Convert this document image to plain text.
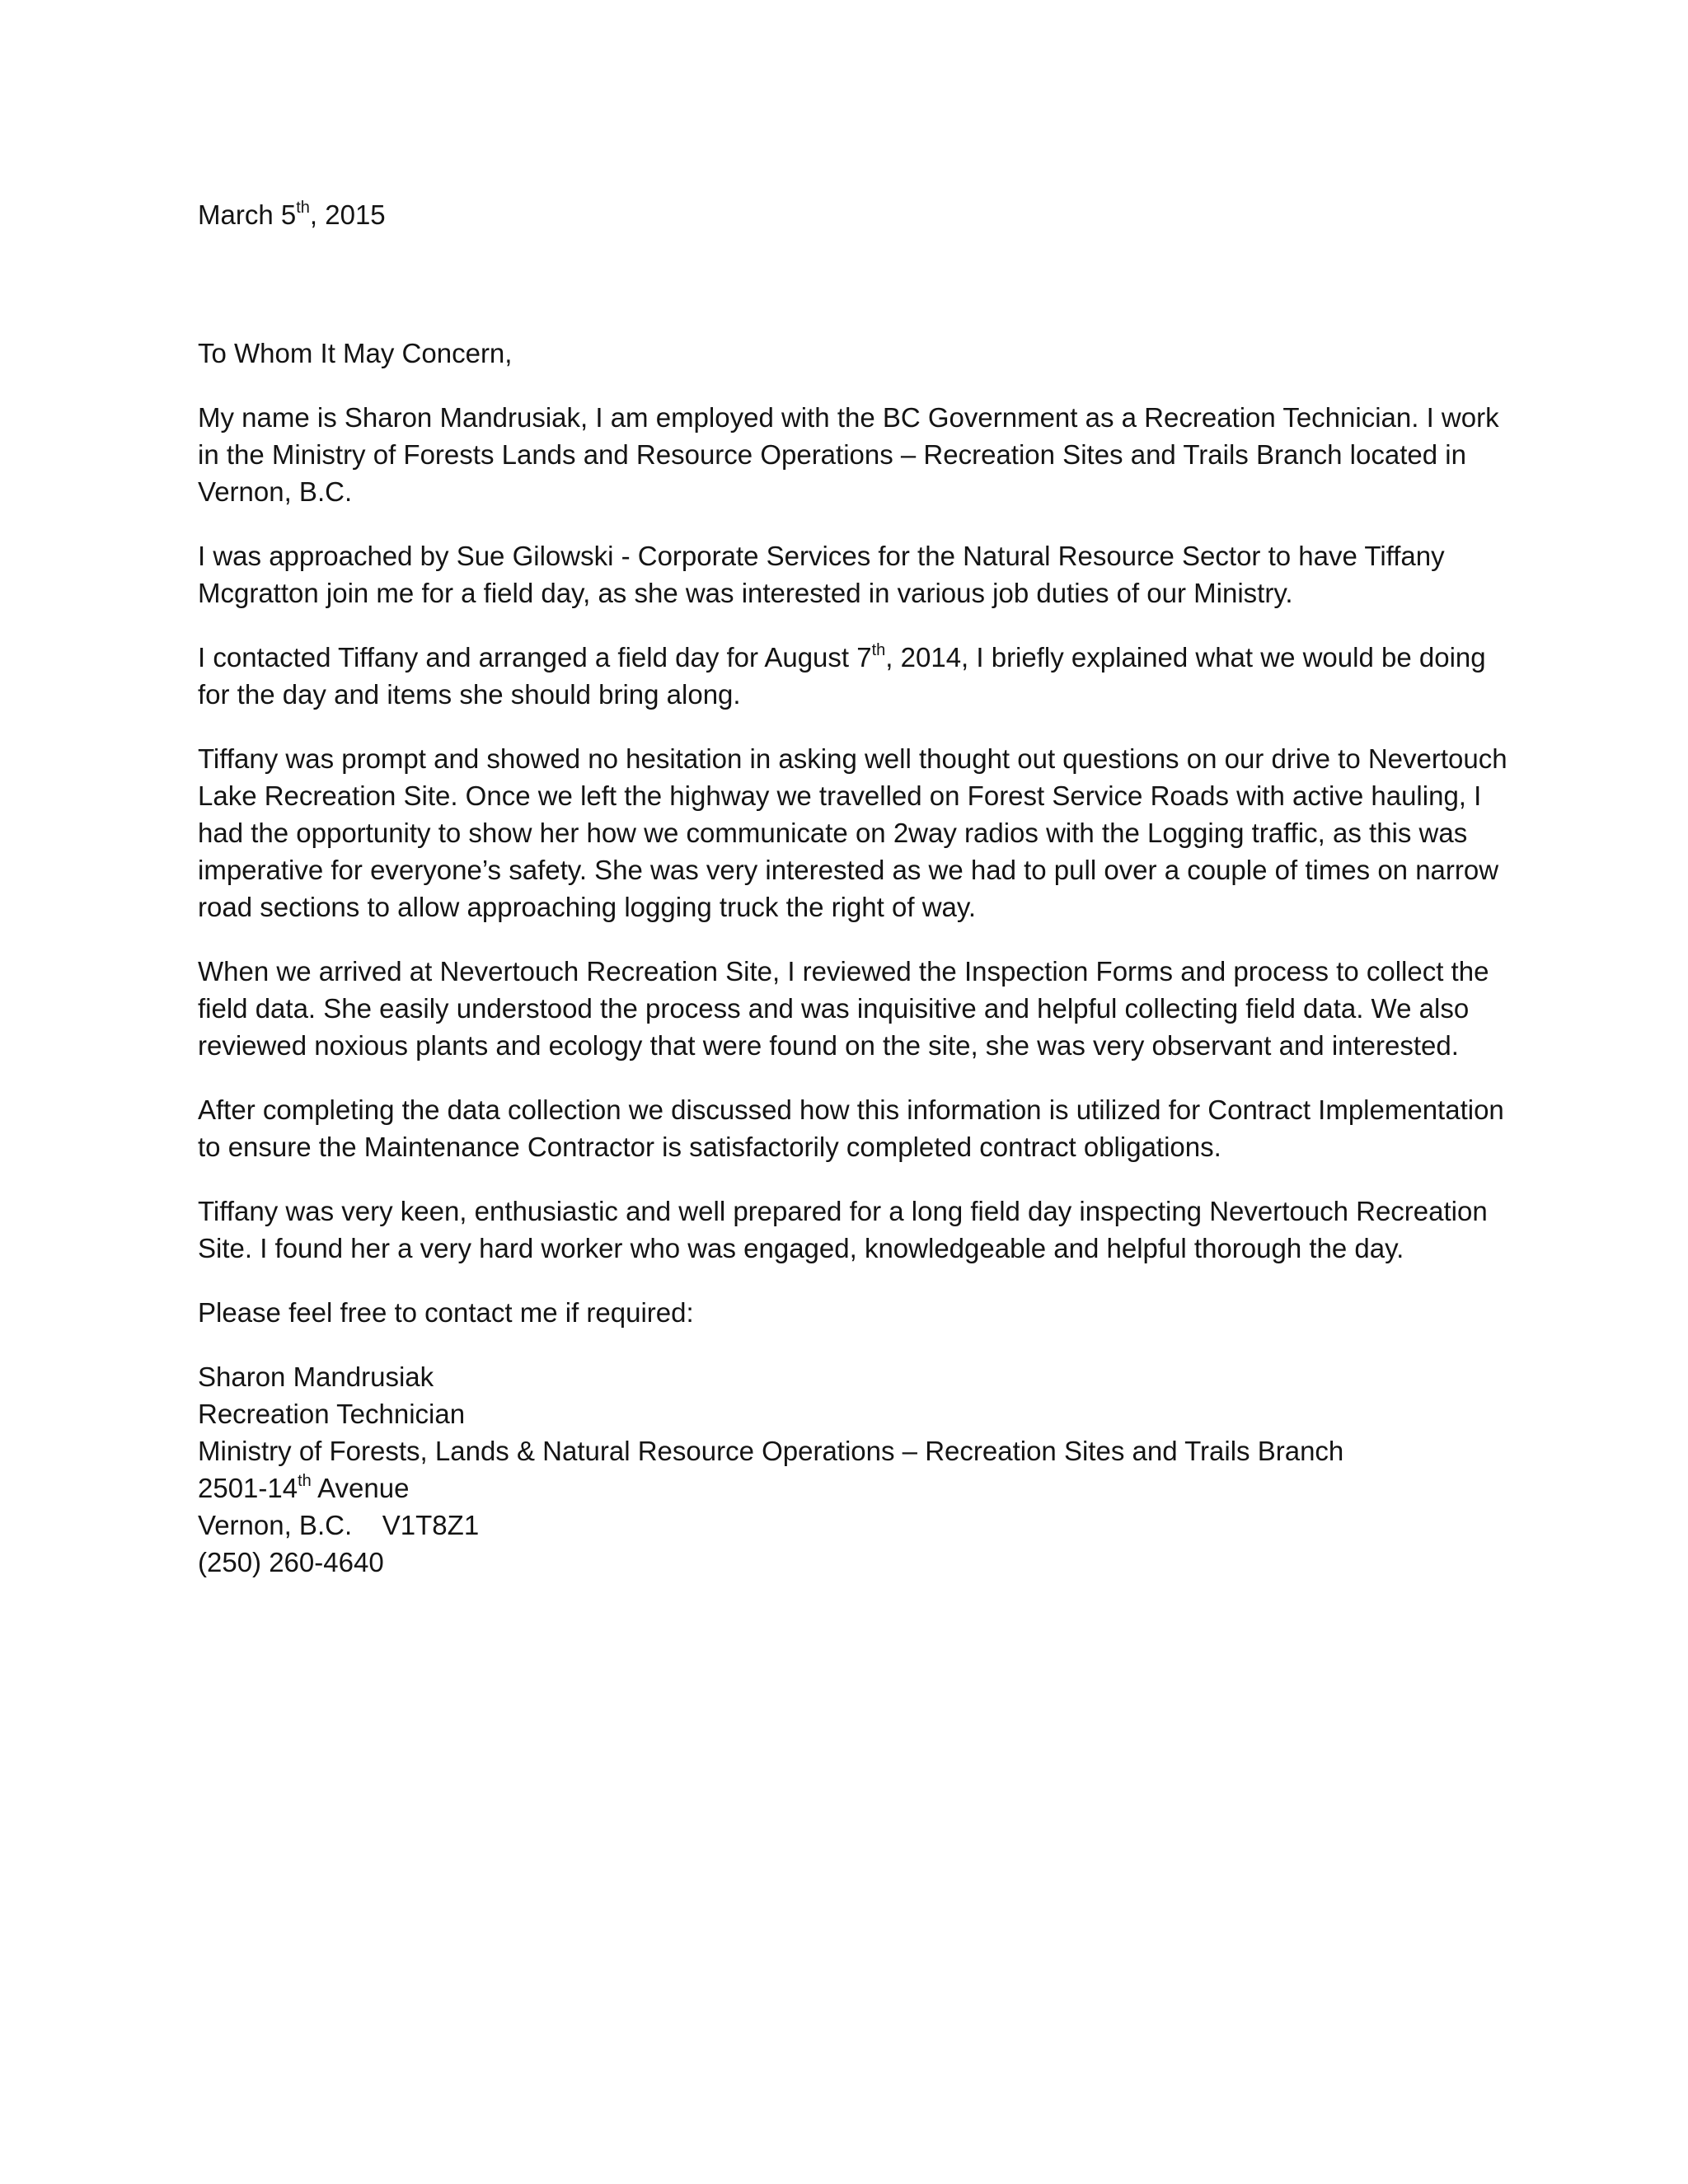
March 5th, 2015

To Whom It May Concern,

My name is Sharon Mandrusiak, I am employed with the BC Government as a Recreation Technician. I work in the Ministry of Forests Lands and Resource Operations – Recreation Sites and Trails Branch located in Vernon, B.C.

I was approached by Sue Gilowski - Corporate Services for the Natural Resource Sector to have Tiffany Mcgratton join me for a field day, as she was interested in various job duties of our Ministry.

I contacted Tiffany and arranged a field day for August 7th, 2014, I briefly explained what we would be doing for the day and items she should bring along.

Tiffany was prompt and showed no hesitation in asking well thought out questions on our drive to Nevertouch Lake Recreation Site. Once we left the highway we travelled on Forest Service Roads with active hauling, I had the opportunity to show her how we communicate on 2way radios with the Logging traffic, as this was imperative for everyone’s safety. She was very interested as we had to pull over a couple of times on narrow road sections to allow approaching logging truck the right of way.

When we arrived at Nevertouch Recreation Site, I reviewed the Inspection Forms and process to collect the field data. She easily understood the process and was inquisitive and helpful collecting field data. We also reviewed noxious plants and ecology that were found on the site, she was very observant and interested.

After completing the data collection we discussed how this information is utilized for Contract Implementation to ensure the Maintenance Contractor is satisfactorily completed contract obligations.

Tiffany was very keen, enthusiastic and well prepared for a long field day inspecting Nevertouch Recreation Site. I found her a very hard worker who was engaged, knowledgeable and helpful thorough the day.

Please feel free to contact me if required:

Sharon Mandrusiak
Recreation Technician
Ministry of Forests, Lands & Natural Resource Operations – Recreation Sites and Trails Branch
2501-14th Avenue
Vernon, B.C.    V1T8Z1
(250) 260-4640
